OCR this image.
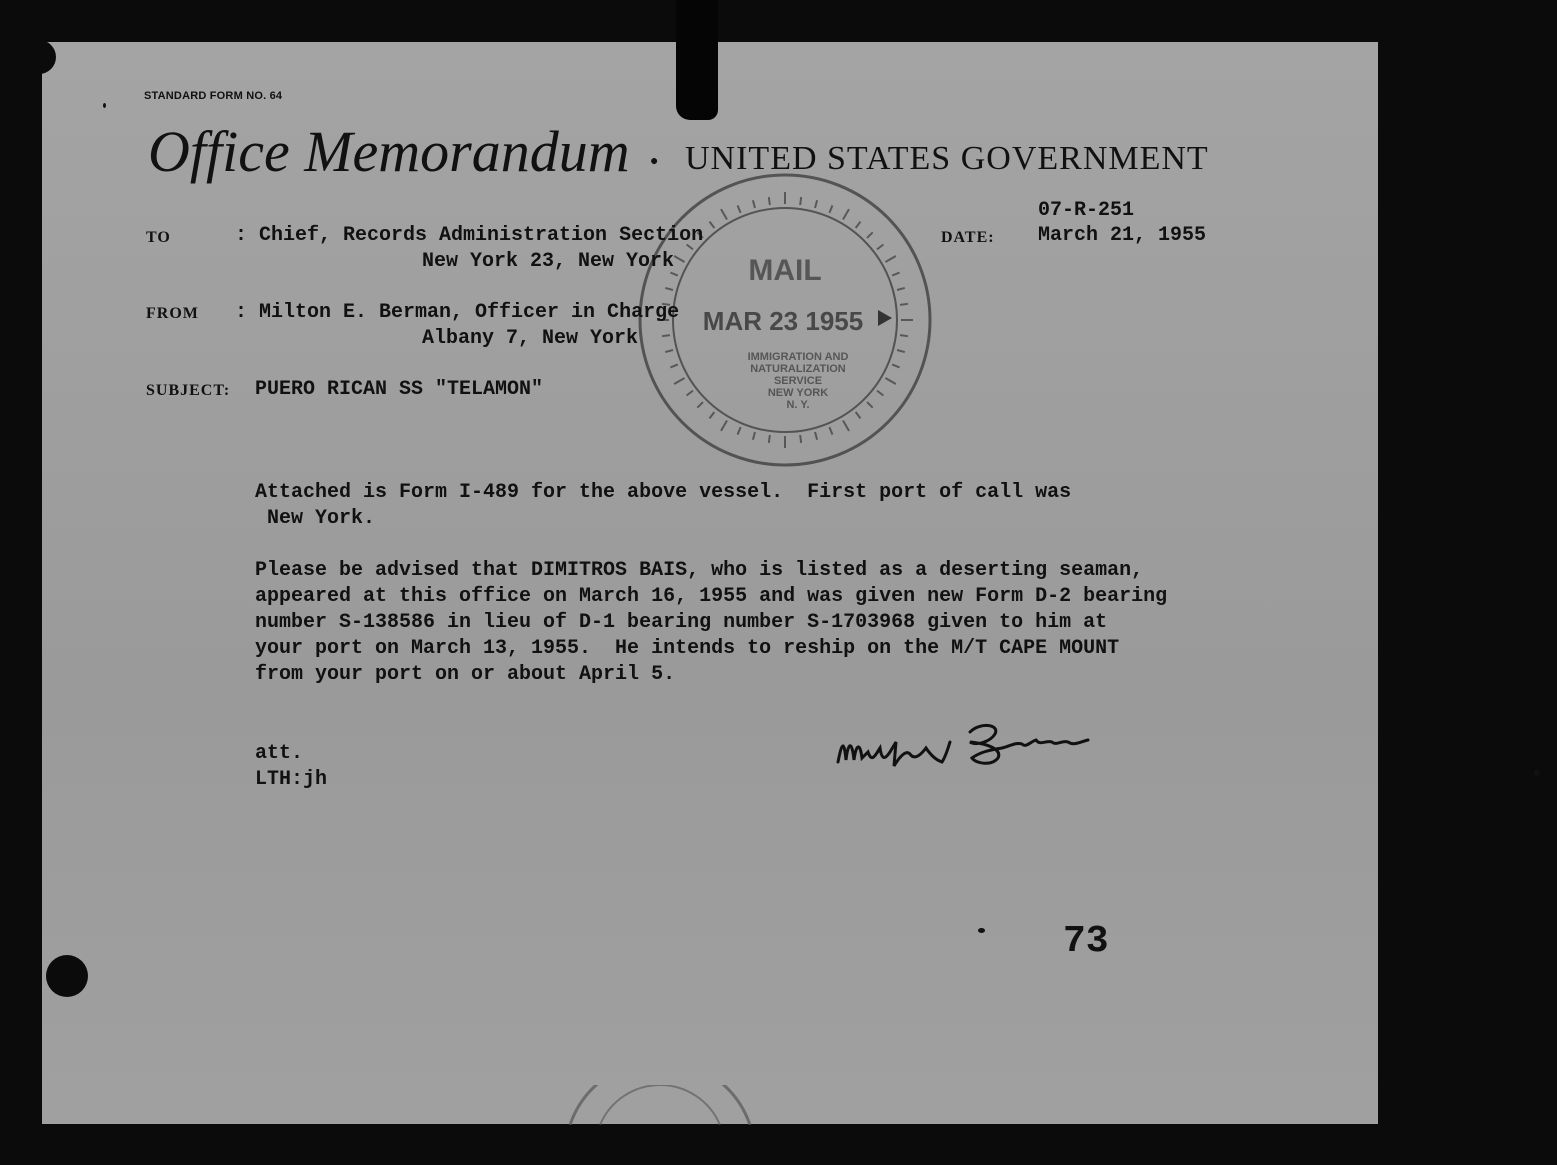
STANDARD FORM NO. 64
Office Memorandum ● UNITED STATES GOVERNMENT
MAIL
MAR 23 1955
IMMIGRATION AND
NATURALIZATION
SERVICE
NEW YORK
N. Y.
07-R-251
TO	: Chief, Records Administration Section
New York 23, New York
DATE: March 21, 1955
FROM : Milton E. Berman, Officer in Charge
Albany 7, New York
SUBJECT: PUERO RICAN SS "TELAMON"
Attached is Form I-489 for the above vessel.  First port of call was
New York.
Please be advised that DIMITROS BAIS, who is listed as a deserting seaman,
appeared at this office on March 16, 1955 and was given new Form D-2 bearing
number S-138586 in lieu of D-1 bearing number S-1703968 given to him at
your port on March 13, 1955.  He intends to reship on the M/T CAPE MOUNT
from your port on or about April 5.
att.
LTH:jh
73
